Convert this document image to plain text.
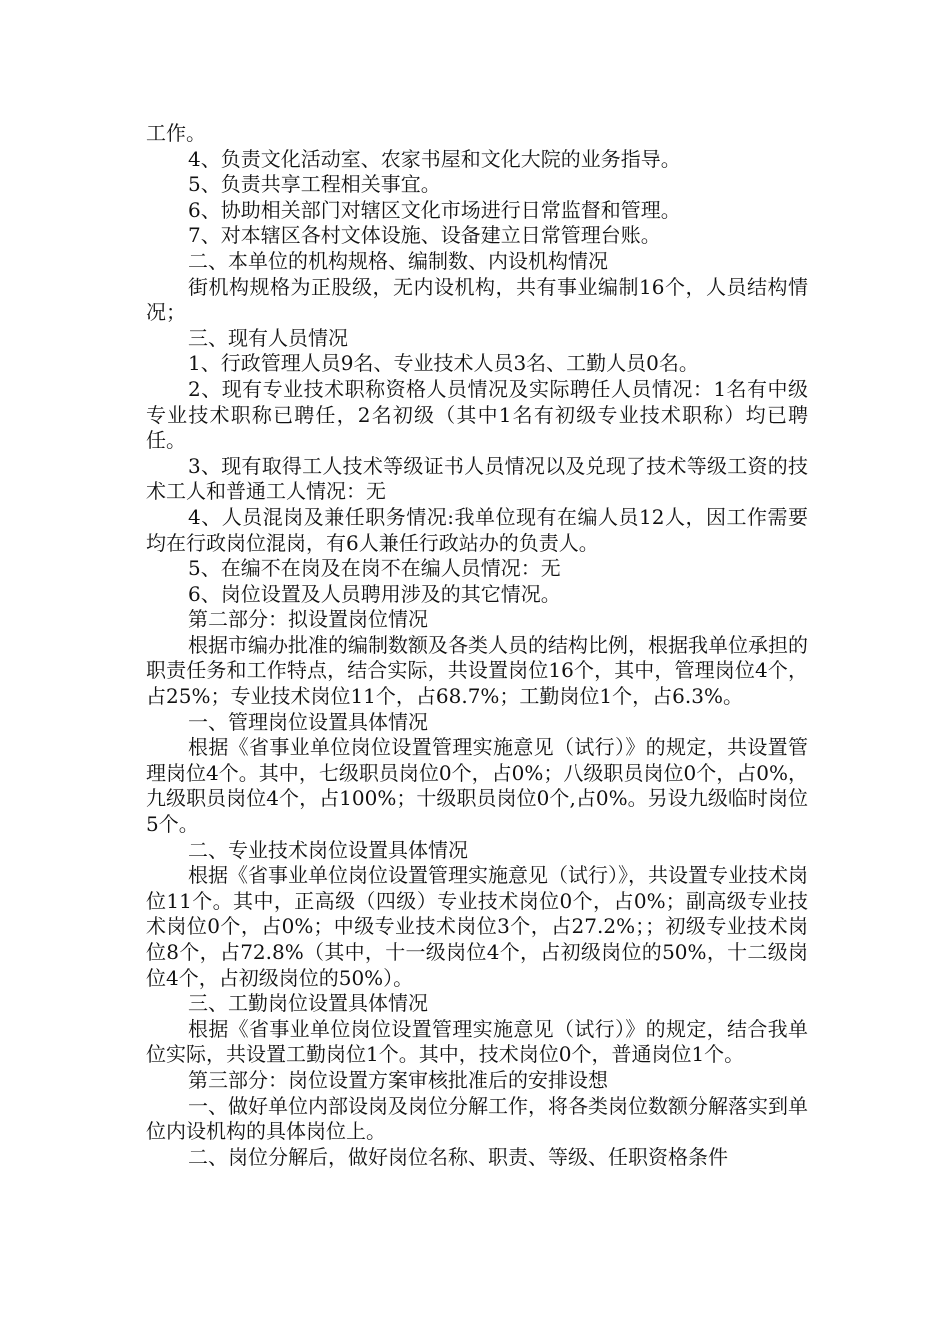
工作。

4、负责文化活动室、农家书屋和文化大院的业务指导。

5、负责共享工程相关事宜。

6、协助相关部门对辖区文化市场进行日常监督和管理。

7、对本辖区各村文体设施、设备建立日常管理台账。

二、本单位的机构规格、编制数、内设机构情况

街机构规格为正股级，无内设机构，共有事业编制16个，人员结构情况；

三、现有人员情况

1、行政管理人员9名、专业技术人员3名、工勤人员0名。

2、现有专业技术职称资格人员情况及实际聘任人员情况：1名有中级专业技术职称已聘任，2名初级（其中1名有初级专业技术职称）均已聘任。

3、现有取得工人技术等级证书人员情况以及兑现了技术等级工资的技术工人和普通工人情况：无

4、人员混岗及兼任职务情况:我单位现有在编人员12人，因工作需要均在行政岗位混岗，有6人兼任行政站办的负责人。

5、在编不在岗及在岗不在编人员情况：无

6、岗位设置及人员聘用涉及的其它情况。

第二部分：拟设置岗位情况

根据市编办批准的编制数额及各类人员的结构比例，根据我单位承担的职责任务和工作特点，结合实际，共设置岗位16个，其中，管理岗位4个，占25%；专业技术岗位11个，占68.7%；工勤岗位1个，占6.3%。

一、管理岗位设置具体情况

根据《省事业单位岗位设置管理实施意见（试行）》的规定，共设置管理岗位4个。其中，七级职员岗位0个，占0%；八级职员岗位0个，占0%，九级职员岗位4个，占100%；十级职员岗位0个,占0%。另设九级临时岗位5个。

二、专业技术岗位设置具体情况

根据《省事业单位岗位设置管理实施意见（试行）》，共设置专业技术岗位11个。其中，正高级（四级）专业技术岗位0个，占0%；副高级专业技术岗位0个，占0%；中级专业技术岗位3个，占27.2%；；初级专业技术岗位8个，占72.8%（其中，十一级岗位4个，占初级岗位的50%，十二级岗位4个，占初级岗位的50%）。

三、工勤岗位设置具体情况

根据《省事业单位岗位设置管理实施意见（试行）》的规定，结合我单位实际，共设置工勤岗位1个。其中，技术岗位0个，普通岗位1个。

第三部分：岗位设置方案审核批准后的安排设想

一、做好单位内部设岗及岗位分解工作，将各类岗位数额分解落实到单位内设机构的具体岗位上。

二、岗位分解后，做好岗位名称、职责、等级、任职资格条件
